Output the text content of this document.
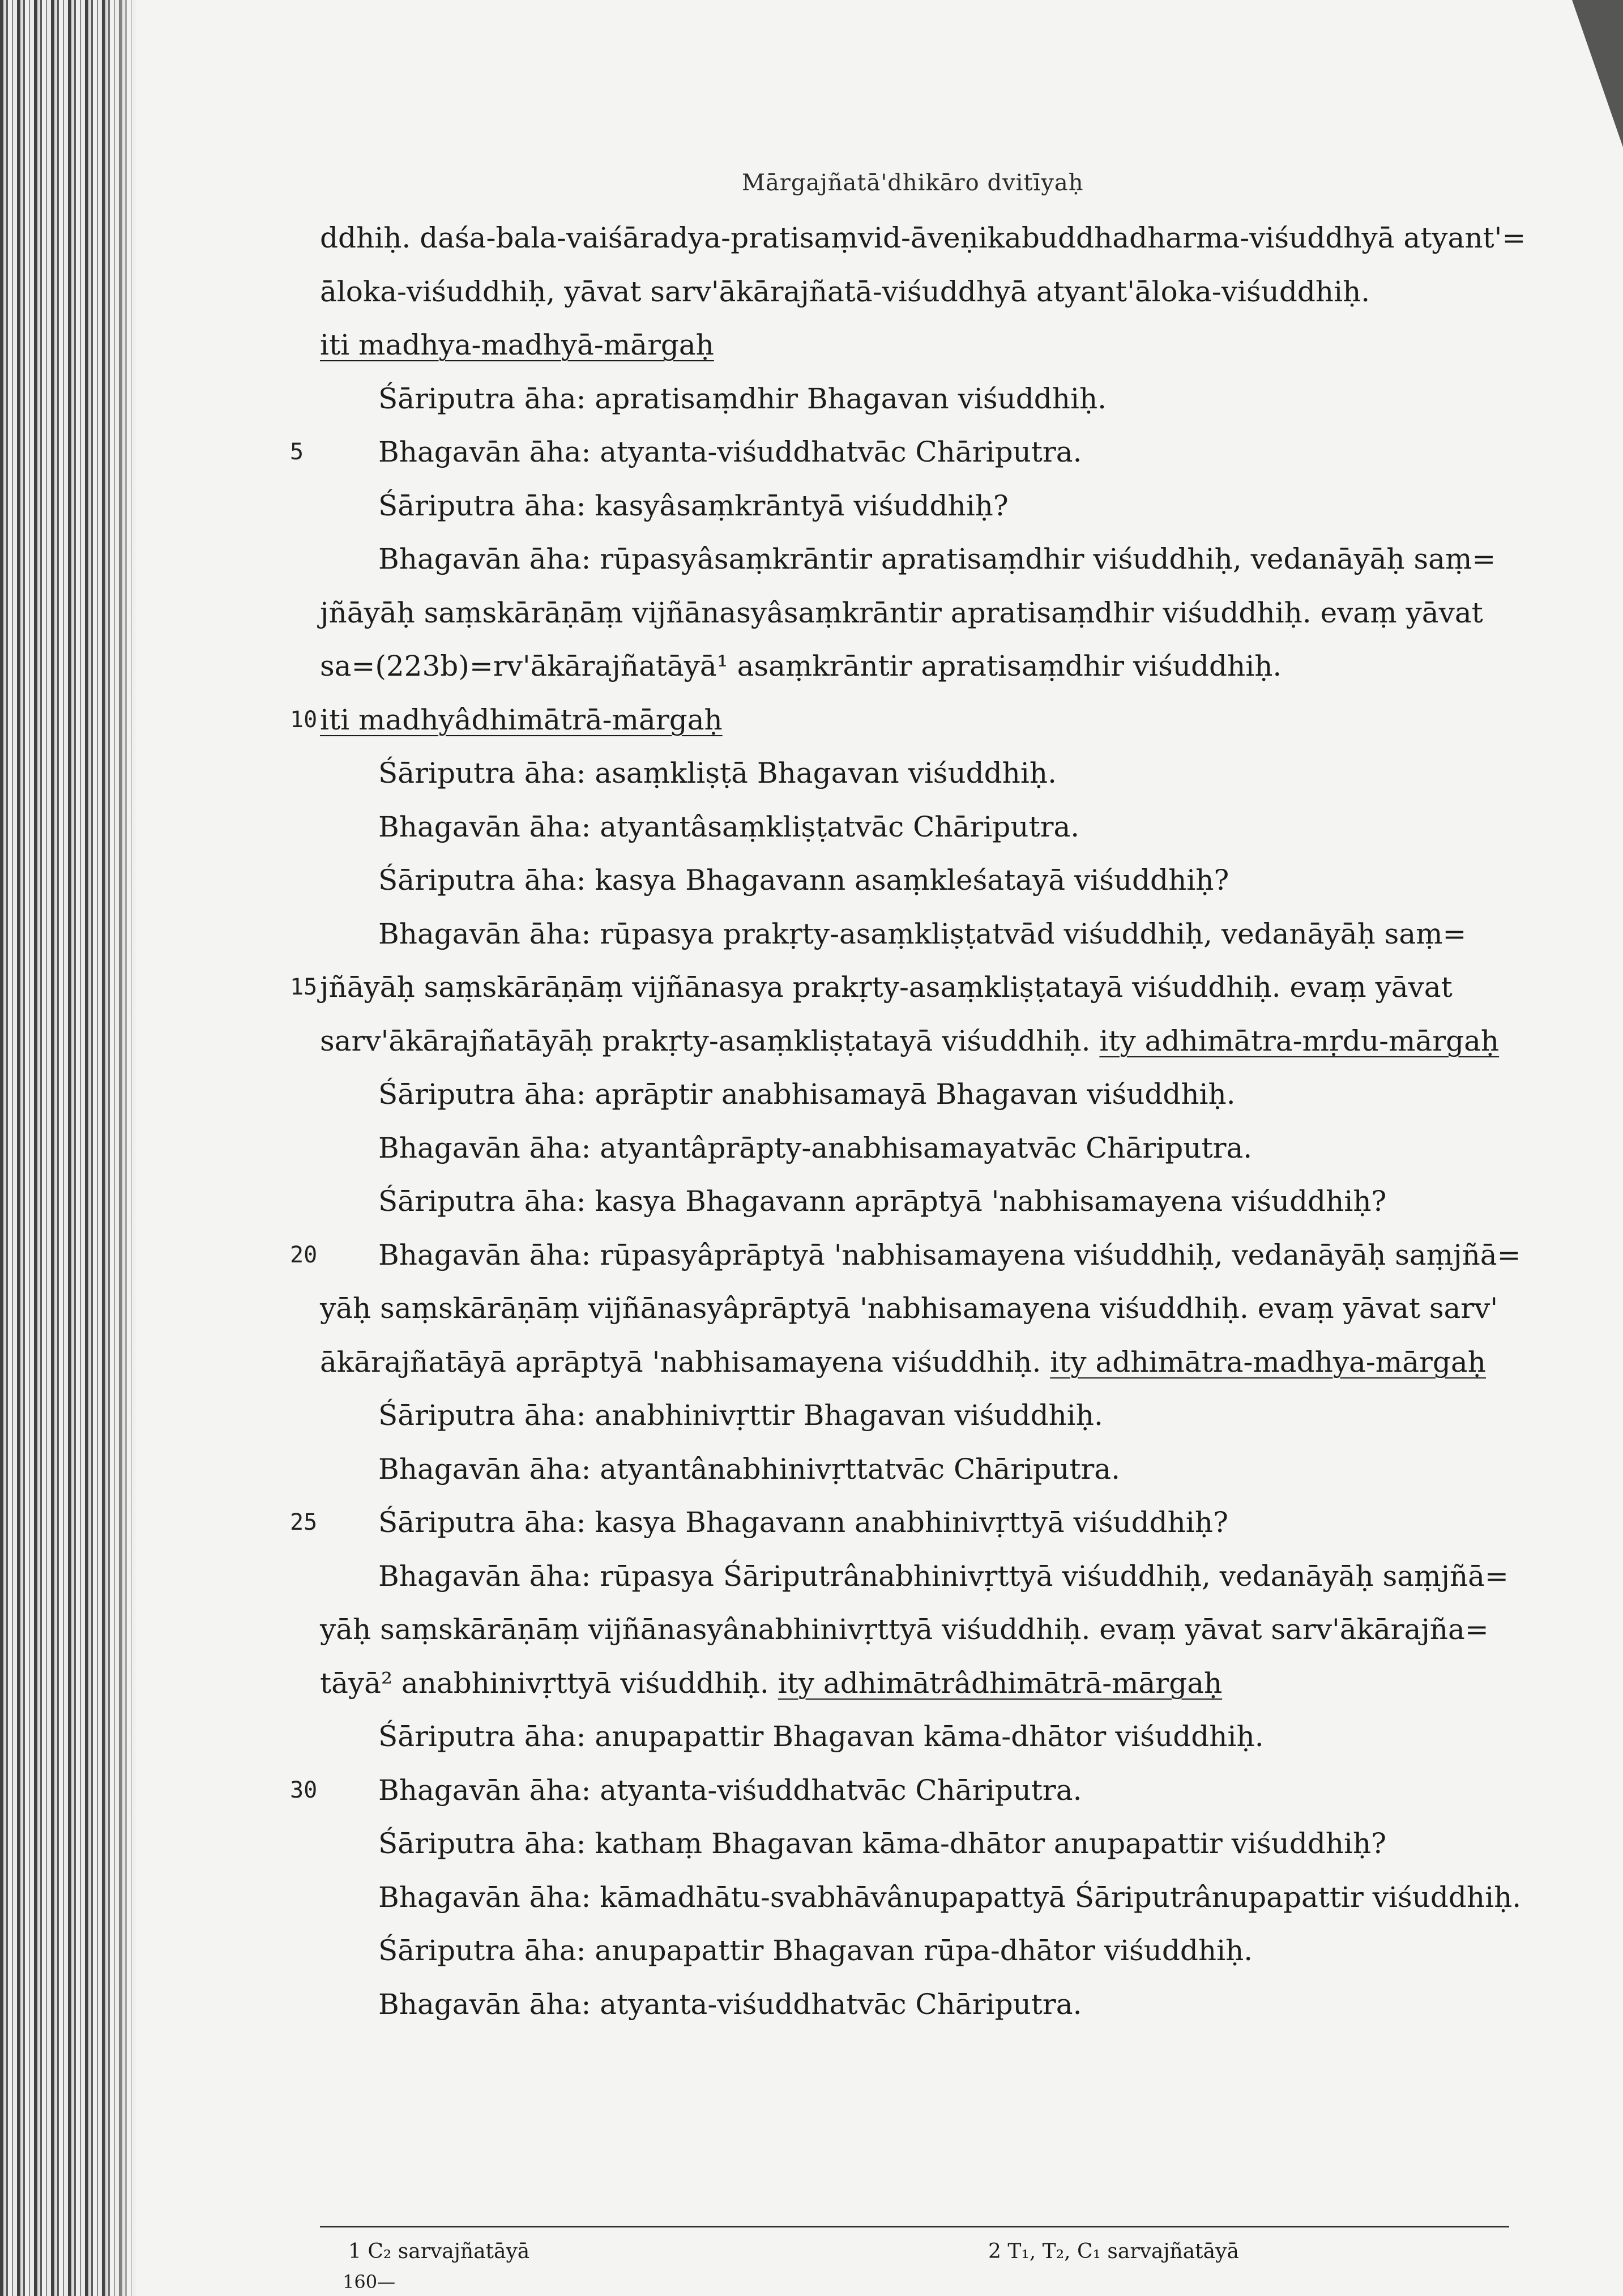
Mārgajñatā'dhikāro dvitīyaḥ
ddhiḥ. daśa-bala-vaiśāradya-pratisaṃvid-āveṇikabuddhadharma-viśuddhyā atyant'=
āloka-viśuddhiḥ, yāvat sarv'ākārajñatā-viśuddhyā atyant'āloka-viśuddhiḥ.
iti madhya-madhyā-mārgaḥ
Śāriputra āha: apratisaṃdhir Bhagavan viśuddhiḥ.
Bhagavān āha: atyanta-viśuddhatvāc Chāriputra.
5
Śāriputra āha: kasyâsaṃkrāntyā viśuddhiḥ?
Bhagavān āha: rūpasyâsaṃkrāntir apratisaṃdhir viśuddhiḥ, vedanāyāḥ saṃ=
jñāyāḥ saṃskārāṇāṃ vijñānasyâsaṃkrāntir apratisaṃdhir viśuddhiḥ. evaṃ yāvat
sa=(223b)=rv'ākārajñatāyā¹ asaṃkrāntir apratisaṃdhir viśuddhiḥ.
iti madhyâdhimātrā-mārgaḥ
10
Śāriputra āha: asaṃkliṣṭā Bhagavan viśuddhiḥ.
Bhagavān āha: atyantâsaṃkliṣṭatvāc Chāriputra.
Śāriputra āha: kasya Bhagavann asaṃkleśatayā viśuddhiḥ?
Bhagavān āha: rūpasya prakṛty-asaṃkliṣṭatvād viśuddhiḥ, vedanāyāḥ saṃ=
jñāyāḥ saṃskārāṇāṃ vijñānasya prakṛty-asaṃkliṣṭatayā viśuddhiḥ. evaṃ yāvat
15
sarv'ākārajñatāyāḥ prakṛty-asaṃkliṣṭatayā viśuddhiḥ. ity adhimātra-mṛdu-mārgaḥ
Śāriputra āha: aprāptir anabhisamayā Bhagavan viśuddhiḥ.
Bhagavān āha: atyantâprāpty-anabhisamayatvāc Chāriputra.
Śāriputra āha: kasya Bhagavann aprāptyā 'nabhisamayena viśuddhiḥ?
Bhagavān āha: rūpasyâprāptyā 'nabhisamayena viśuddhiḥ, vedanāyāḥ saṃjñā=
20
yāḥ saṃskārāṇāṃ vijñānasyâprāptyā 'nabhisamayena viśuddhiḥ. evaṃ yāvat sarv'
ākārajñatāyā aprāptyā 'nabhisamayena viśuddhiḥ. ity adhimātra-madhya-mārgaḥ
Śāriputra āha: anabhinivṛttir Bhagavan viśuddhiḥ.
Bhagavān āha: atyantânabhinivṛttatvāc Chāriputra.
Śāriputra āha: kasya Bhagavann anabhinivṛttyā viśuddhiḥ?
25
Bhagavān āha: rūpasya Śāriputrânabhinivṛttyā viśuddhiḥ, vedanāyāḥ saṃjñā=
yāḥ saṃskārāṇāṃ vijñānasyânabhinivṛttyā viśuddhiḥ. evaṃ yāvat sarv'ākārajña=
tāyā² anabhinivṛttyā viśuddhiḥ. ity adhimātrâdhimātrā-mārgaḥ
Śāriputra āha: anupapattir Bhagavan kāma-dhātor viśuddhiḥ.
Bhagavān āha: atyanta-viśuddhatvāc Chāriputra.
30
Śāriputra āha: kathaṃ Bhagavan kāma-dhātor anupapattir viśuddhiḥ?
Bhagavān āha: kāmadhātu-svabhāvânupapattyā Śāriputrânupapattir viśuddhiḥ.
Śāriputra āha: anupapattir Bhagavan rūpa-dhātor viśuddhiḥ.
Bhagavān āha: atyanta-viśuddhatvāc Chāriputra.
160—
1 C₂ sarvajñatāyā	2 T₁, T₂, C₁ sarvajñatāyā
